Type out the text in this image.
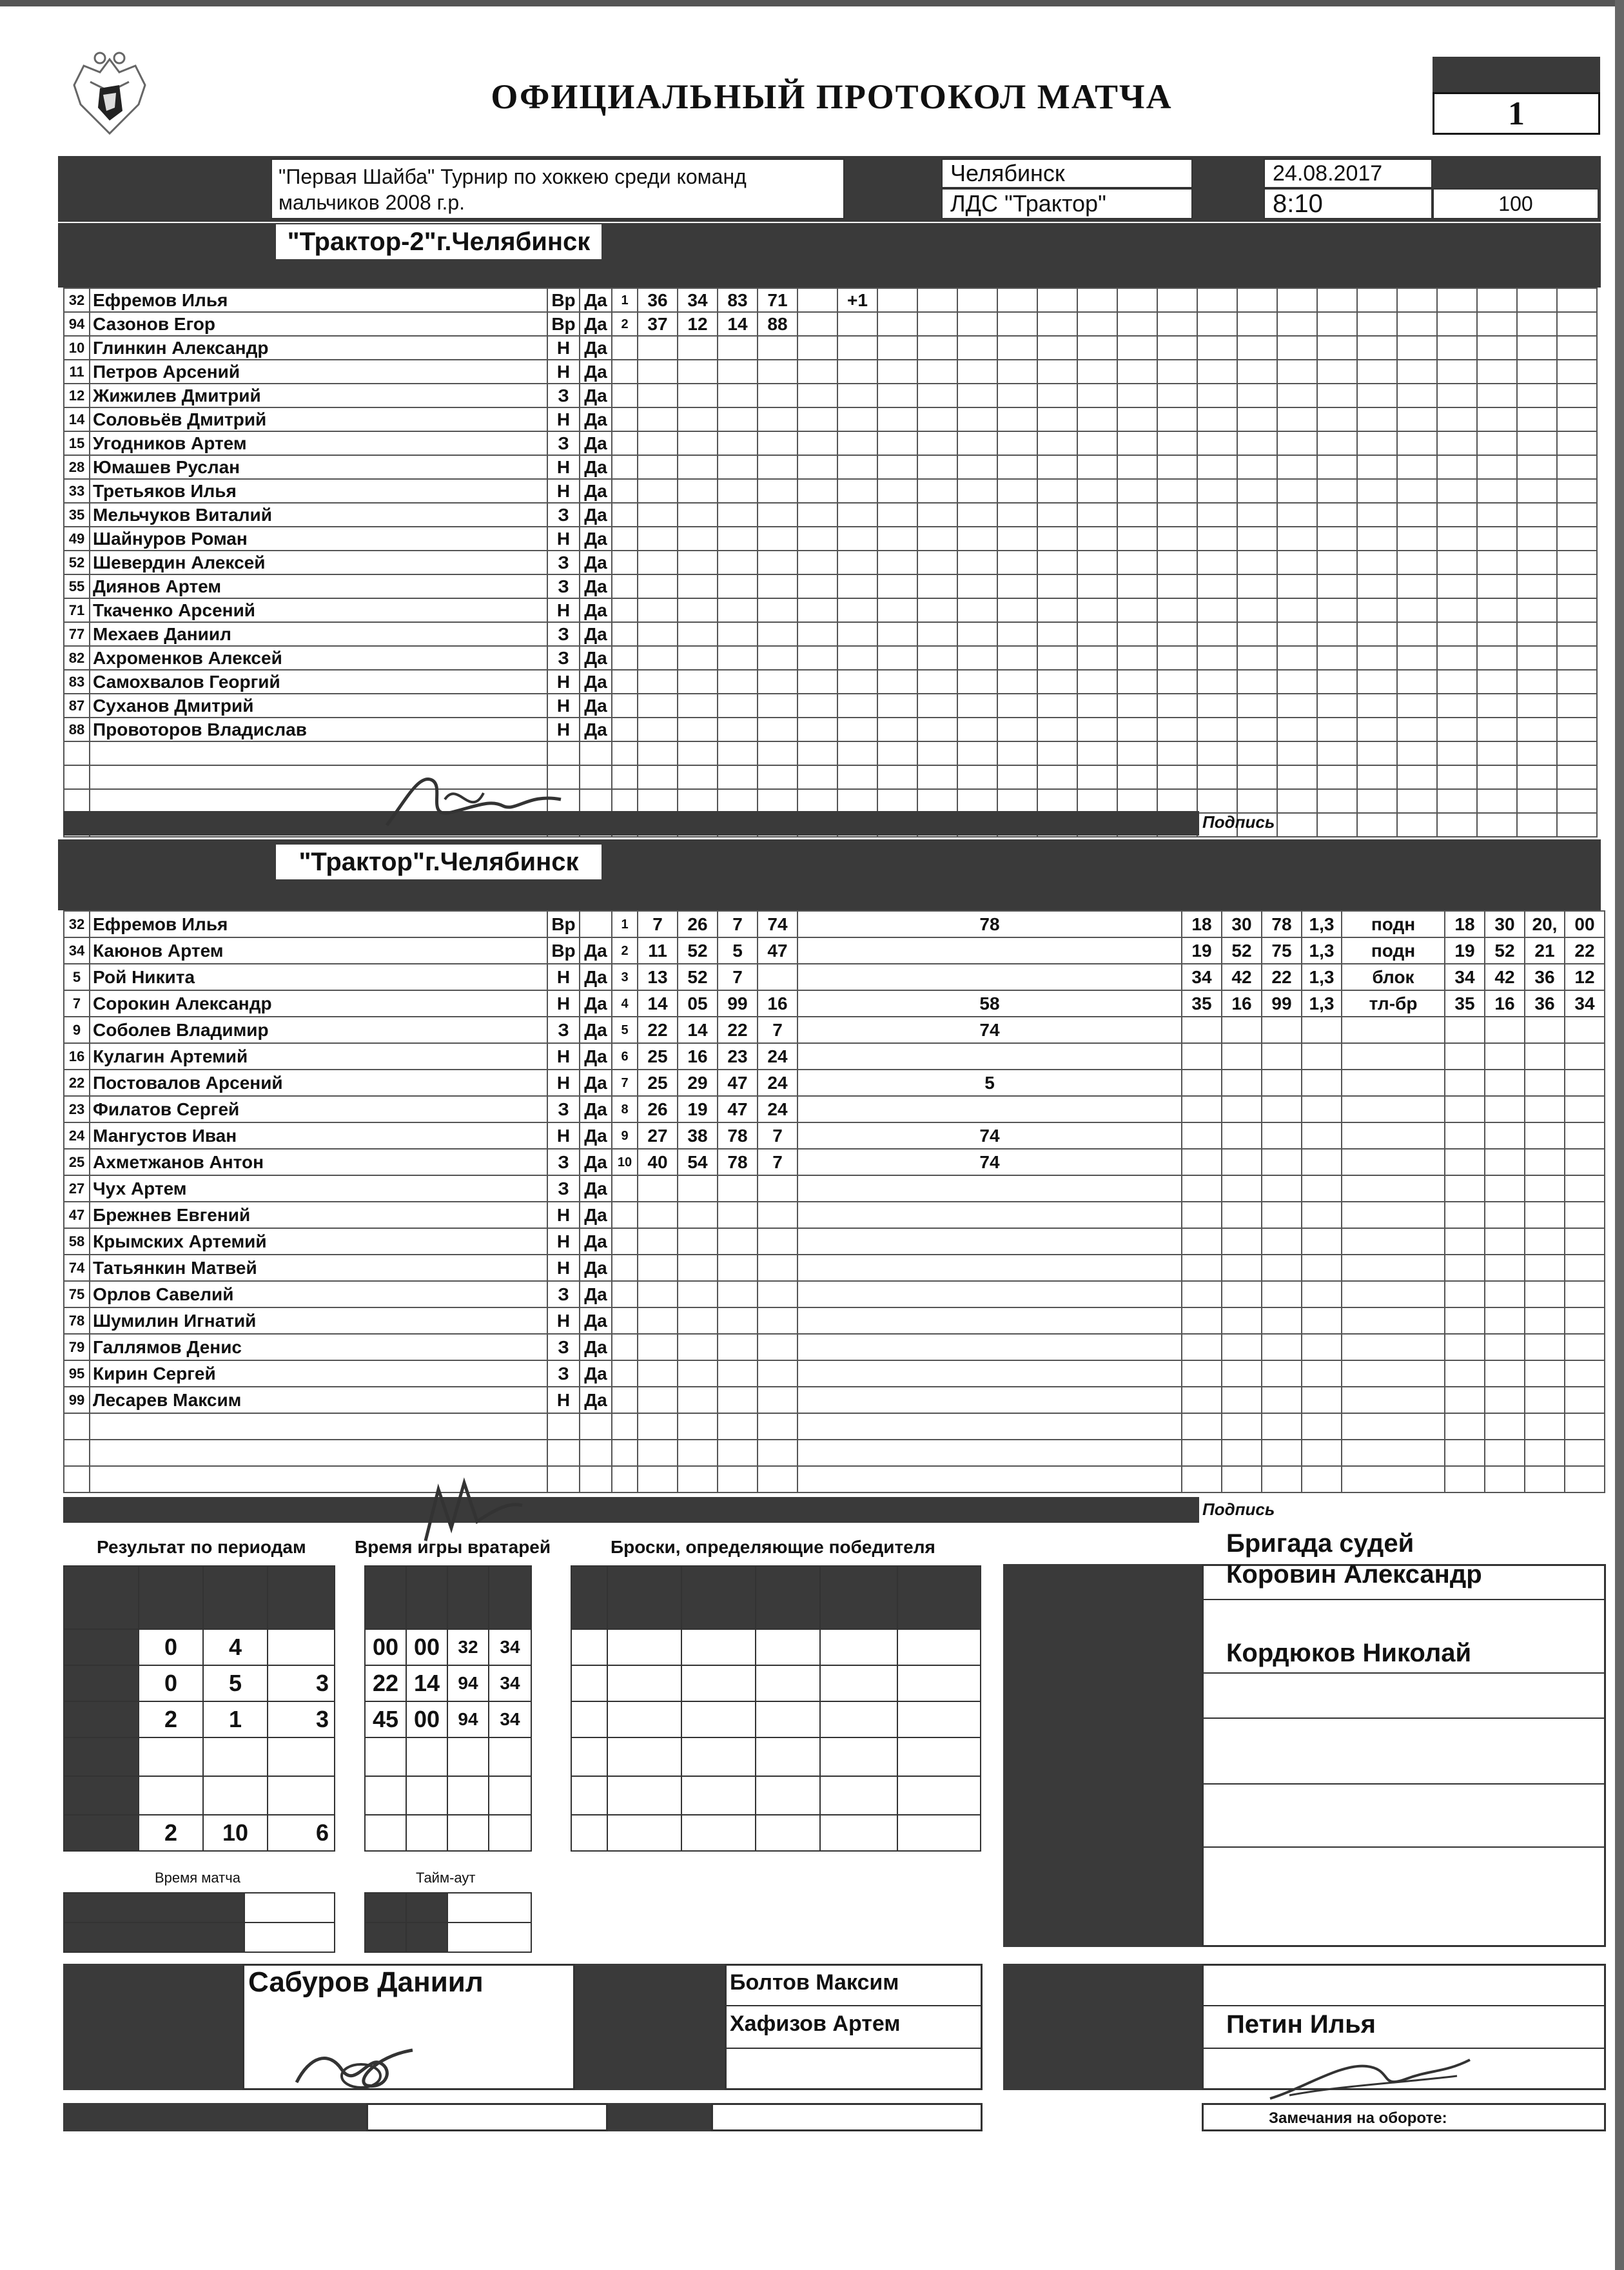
ОФИЦИАЛЬНЫЙ ПРОТОКОЛ МАТЧА	1
"Первая Шайба" Турнир по хоккею среди команд
мальчиков 2008 г.р.
Челябинск
ЛДС "Трактор"
24.08.2017
8:10	100
"Трактор-2"г.Челябинск
32	Ефремов Илья	Вр	Да	1	36	34	83	71		+1																		
94	Сазонов Егор	Вр	Да	2	37	12	14	88																				
10	Глинкин Александр	Н	Да																									
11	Петров Арсений	Н	Да																									
12	Жижилев Дмитрий	З	Да																									
14	Соловьёв Дмитрий	Н	Да																									
15	Угодников Артем	З	Да																									
28	Юмашев Руслан	Н	Да																									
33	Третьяков Илья	Н	Да																									
35	Мельчуков Виталий	З	Да																									
49	Шайнуров Роман	Н	Да																									
52	Шевердин Алексей	З	Да																									
55	Диянов Артем	З	Да																									
71	Ткаченко Арсений	Н	Да																									
77	Мехаев Даниил	З	Да																									
82	Ахроменков Алексей	З	Да																									
83	Самохвалов Георгий	Н	Да																									
87	Суханов Дмитрий	Н	Да																									
88	Провоторов Владислав	Н	Да																									

Подпись
"Трактор"г.Челябинск
32	Ефремов Илья	Вр		1	7	26	7	74	78	18	30	78	1,3	подн	18	30	20,	00
34	Каюнов Артем	Вр	Да	2	11	52	5	47		19	52	75	1,3	подн	19	52	21	22
5	Рой Никита	Н	Да	3	13	52	7			34	42	22	1,3	блок	34	42	36	12
7	Сорокин Александр	Н	Да	4	14	05	99	16	58	35	16	99	1,3	тл-бр	35	16	36	34
9	Соболев Владимир	З	Да	5	22	14	22	7	74									
16	Кулагин Артемий	Н	Да	6	25	16	23	24										
22	Постовалов Арсений	Н	Да	7	25	29	47	24	5									
23	Филатов Сергей	З	Да	8	26	19	47	24										
24	Мангустов Иван	Н	Да	9	27	38	78	7	74									
25	Ахметжанов Антон	З	Да	10	40	54	78	7	74									
27	Чух Артем	З	Да															
47	Брежнев Евгений	Н	Да															
58	Крымских Артемий	Н	Да															
74	Татьянкин Матвей	Н	Да															
75	Орлов Савелий	З	Да															
78	Шумилин Игнатий	Н	Да															
79	Галлямов Денис	З	Да															
95	Кирин Сергей	З	Да															
99	Лесарев Максим	Н	Да															

Подпись
Результат по периодам	Время игры вратарей	Броски, определяющие победителя

	0	4	
	0	5	3
	2	1	3

	2	10	6

00	00	32	34
22	14	94	34
45	00	94	34

Время матча	Тайм-аут

Бригада судей
Коровин Александр
Кордюков Николай
Сабуров Даниил	Болтов Максим
Хафизов Артем	Петин Илья
Замечания на обороте:
